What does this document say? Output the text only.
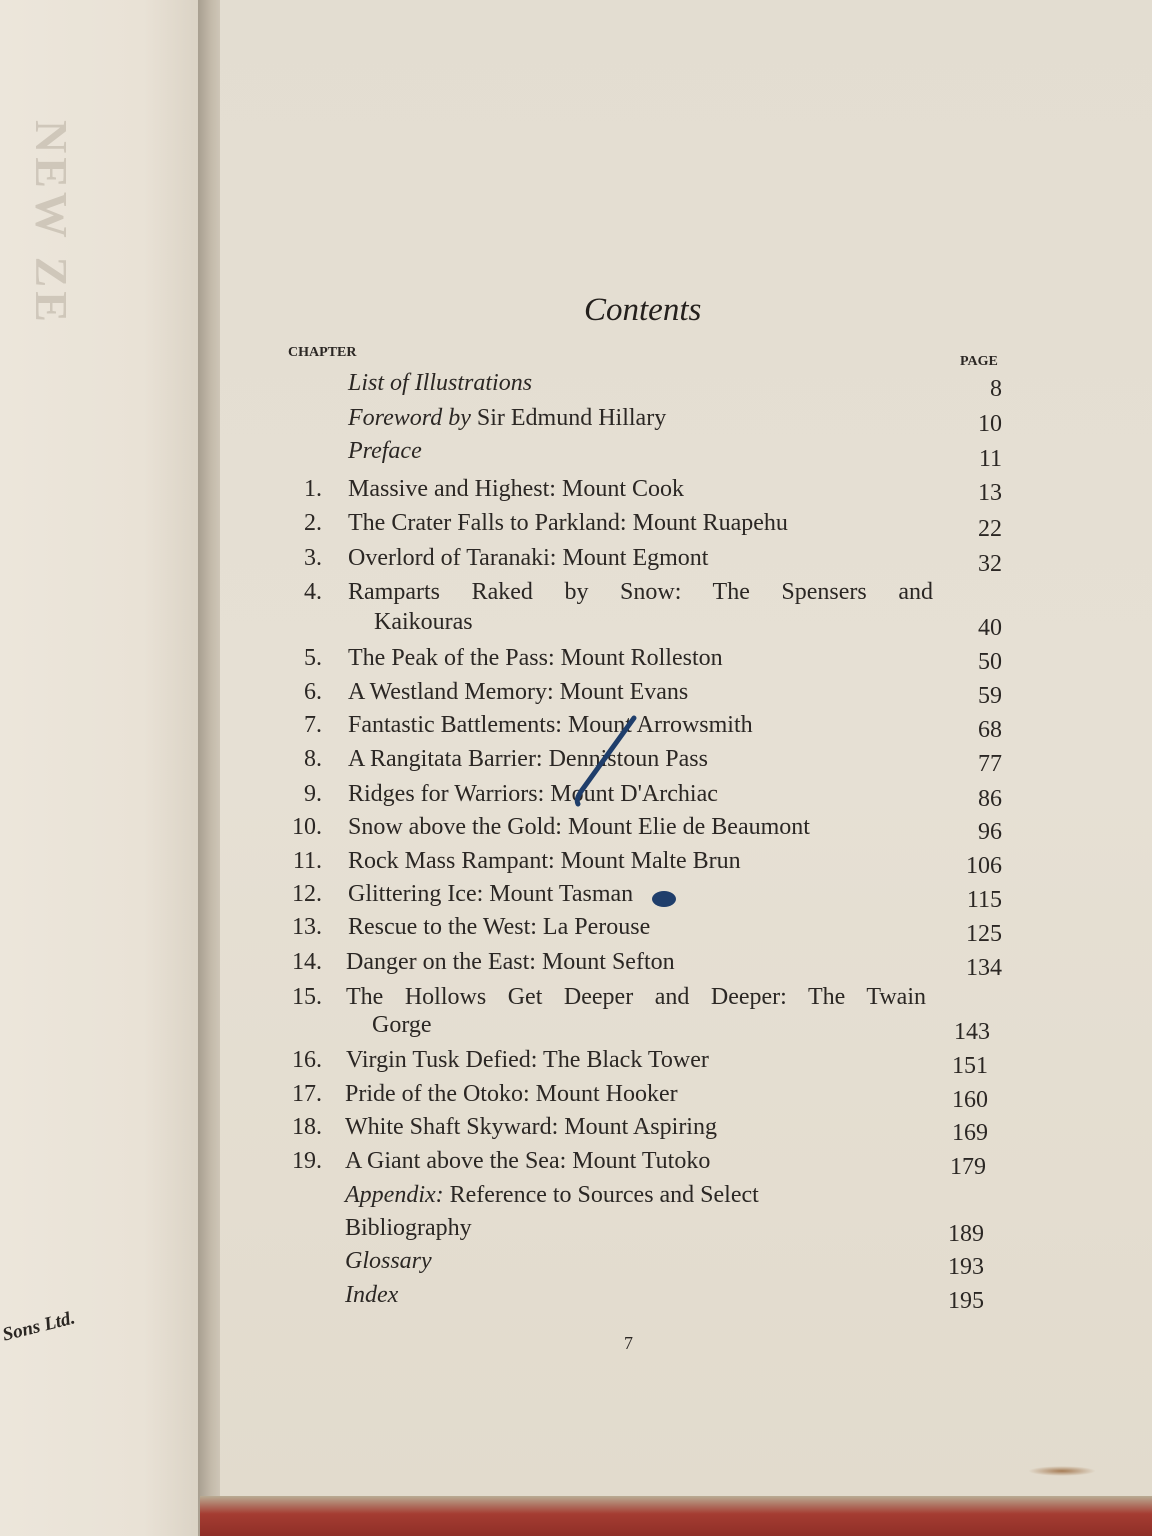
NEW ZE
Sons Ltd.
Contents
CHAPTER
PAGE
List of Illustrations	8
Foreword by Sir Edmund Hillary	10
Preface	11
1. Massive and Highest: Mount Cook	13
2. The Crater Falls to Parkland: Mount Ruapehu	22
3. Overlord of Taranaki: Mount Egmont	32
4. Ramparts Raked by Snow: The Spensers and
Kaikouras	40
5. The Peak of the Pass: Mount Rolleston	50
6. A Westland Memory: Mount Evans	59
7. Fantastic Battlements: Mount Arrowsmith	68
8. A Rangitata Barrier: Dennistoun Pass	77
9. Ridges for Warriors: Mount D'Archiac	86
10. Snow above the Gold: Mount Elie de Beaumont	96
11. Rock Mass Rampant: Mount Malte Brun	106
12. Glittering Ice: Mount Tasman	115
13. Rescue to the West: La Perouse	125
14. Danger on the East: Mount Sefton	134
15. The Hollows Get Deeper and Deeper: The Twain
Gorge	143
16. Virgin Tusk Defied: The Black Tower	151
17. Pride of the Otoko: Mount Hooker	160
18. White Shaft Skyward: Mount Aspiring	169
19. A Giant above the Sea: Mount Tutoko	179
Appendix: Reference to Sources and Select
Bibliography	189
Glossary	193
Index	195
7
